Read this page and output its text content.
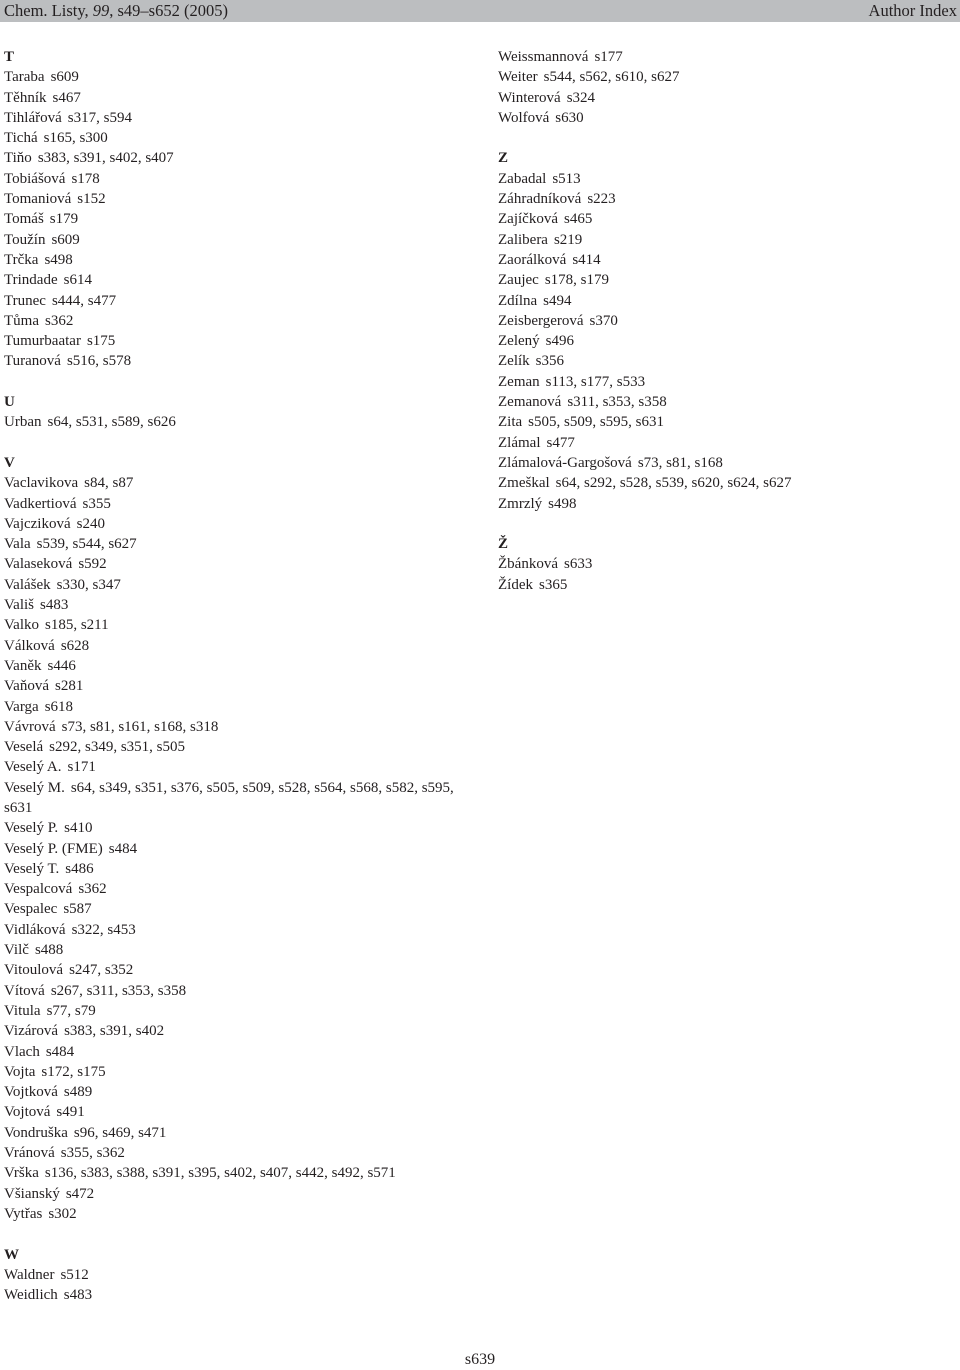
Chem. Listy, 99, s49–s652 (2005)	Author Index
T
Taraba s609
Těhník s467
Tihlářová s317, s594
Tichá s165, s300
Tiňo s383, s391, s402, s407
Tobiášová s178
Tomaniová s152
Tomáš s179
Toužín s609
Trčka s498
Trindade s614
Trunec s444, s477
Tůma s362
Tumurbaatar s175
Turanová s516, s578
U
Urban s64, s531, s589, s626
V
Vaclavikova s84, s87
Vadkertiová s355
Vajcziková s240
Vala s539, s544, s627
Valaseková s592
Valášek s330, s347
Vališ s483
Valko s185, s211
Válková s628
Vaněk s446
Vaňová s281
Varga s618
Vávrová s73, s81, s161, s168, s318
Veselá s292, s349, s351, s505
Veselý A. s171
Veselý M. s64, s349, s351, s376, s505, s509, s528, s564, s568, s582, s595, s631
Veselý P. s410
Veselý P. (FME) s484
Veselý T. s486
Vespalcová s362
Vespalec s587
Vidláková s322, s453
Vilč s488
Vitoulová s247, s352
Vítová s267, s311, s353, s358
Vitula s77, s79
Vizárová s383, s391, s402
Vlach s484
Vojta s172, s175
Vojtková s489
Vojtová s491
Vondruška s96, s469, s471
Vránová s355, s362
Vrška s136, s383, s388, s391, s395, s402, s407, s442, s492, s571
Všianský s472
Vytřas s302
W
Waldner s512
Weidlich s483
Weissmannová s177
Weiter s544, s562, s610, s627
Winterová s324
Wolfová s630
Z
Zabadal s513
Záhradníková s223
Zajíčková s465
Zalibera s219
Zaorálková s414
Zaujec s178, s179
Zdílna s494
Zeisbergerová s370
Zelený s496
Zelík s356
Zeman s113, s177, s533
Zemanová s311, s353, s358
Zita s505, s509, s595, s631
Zlámal s477
Zlámalová-Gargošová s73, s81, s168
Zmeškal s64, s292, s528, s539, s620, s624, s627
Zmrzlý s498
Ž
Žbánková s633
Žídek s365
s639
